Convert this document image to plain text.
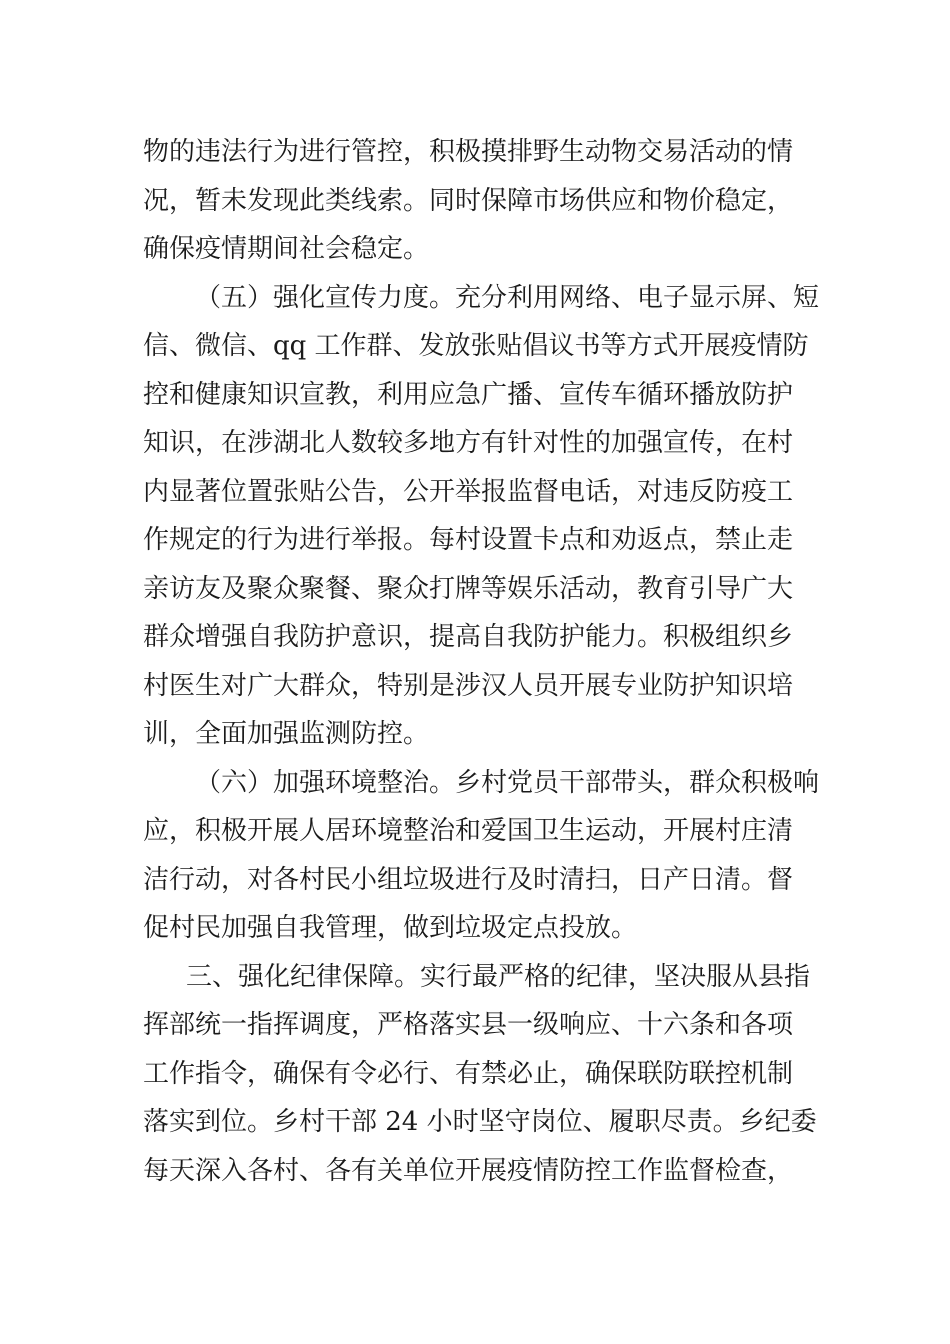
物的违法行为进行管控，积极摸排野生动物交易活动的情
况，暂未发现此类线索。同时保障市场供应和物价稳定，
确保疫情期间社会稳定。

（五）强化宣传力度。充分利用网络、电子显示屏、短
信、微信、qq 工作群、发放张贴倡议书等方式开展疫情防
控和健康知识宣教，利用应急广播、宣传车循环播放防护
知识，在涉湖北人数较多地方有针对性的加强宣传，在村
内显著位置张贴公告，公开举报监督电话，对违反防疫工
作规定的行为进行举报。每村设置卡点和劝返点，禁止走
亲访友及聚众聚餐、聚众打牌等娱乐活动，教育引导广大
群众增强自我防护意识，提高自我防护能力。积极组织乡
村医生对广大群众，特别是涉汉人员开展专业防护知识培
训，全面加强监测防控。

（六）加强环境整治。乡村党员干部带头，群众积极响
应，积极开展人居环境整治和爱国卫生运动，开展村庄清
洁行动，对各村民小组垃圾进行及时清扫，日产日清。督
促村民加强自我管理，做到垃圾定点投放。

三、强化纪律保障。实行最严格的纪律，坚决服从县指
挥部统一指挥调度，严格落实县一级响应、十六条和各项
工作指令，确保有令必行、有禁必止，确保联防联控机制
落实到位。乡村干部 24 小时坚守岗位、履职尽责。乡纪委
每天深入各村、各有关单位开展疫情防控工作监督检查，
